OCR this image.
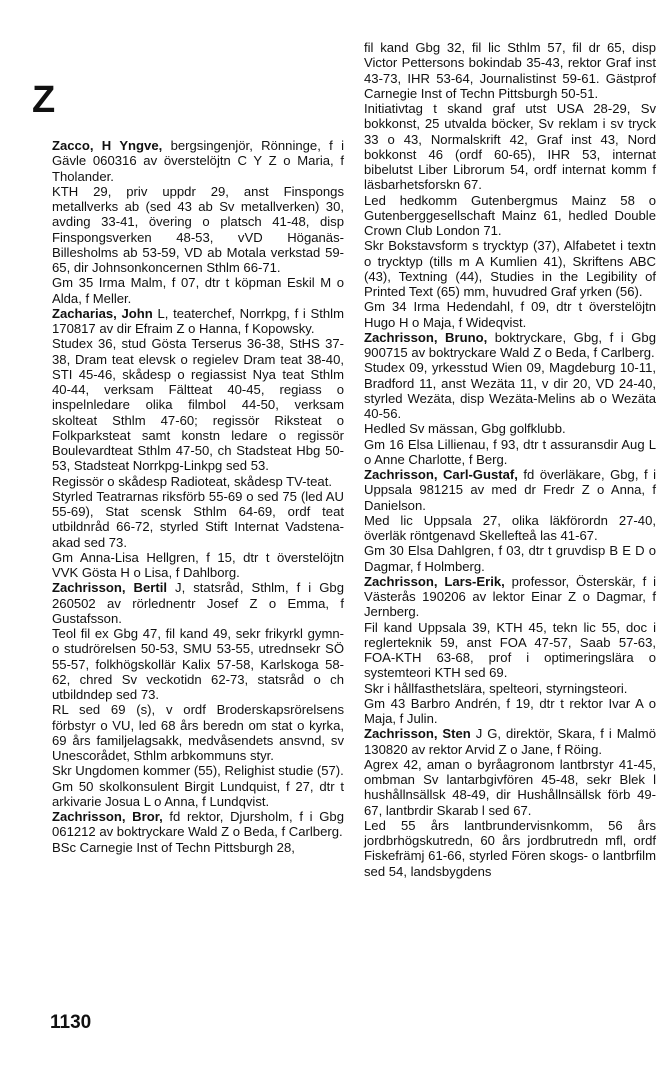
Z

Zacco, H Yngve, bergsingenjör, Rönninge, f i Gävle 060316 av överstelöjtn C Y Z o Maria, f Tholander.

KTH 29, priv uppdr 29, anst Finspongs metallverks ab (sed 43 ab Sv metallverken) 30, avding 33-41, övering o platsch 41-48, disp Finspongsverken 48-53, vVD Höganäs-Billesholms ab 53-59, VD ab Motala verkstad 59-65, dir Johnsonkoncernen Sthlm 66-71.

Gm 35 Irma Malm, f 07, dtr t köpman Eskil M o Alda, f Meller.

Zacharias, John L, teaterchef, Norrkpg, f i Sthlm 170817 av dir Efraim Z o Hanna, f Kopowsky.

Studex 36, stud Gösta Terserus 36-38, StHS 37-38, Dram teat elevsk o regielev Dram teat 38-40, STI 45-46, skådesp o regiassist Nya teat Sthlm 40-44, verksam Fältteat 40-45, regiass o inspelnledare olika filmbol 44-50, verksam skolteat Sthlm 47-60; regissör Riksteat o Folkparksteat samt konstn ledare o regissör Boulevardteat Sthlm 47-50, ch Stadsteat Hbg 50-53, Stadsteat Norrkpg-Linkpg sed 53.

Regissör o skådesp Radioteat, skådesp TV-teat.

Styrled Teatrarnas riksförb 55-69 o sed 75 (led AU 55-69), Stat scensk Sthlm 64-69, ordf teat utbildnråd 66-72, styrled Stift Internat Vadstena-akad sed 73.

Gm Anna-Lisa Hellgren, f 15, dtr t överstelöjtn VVK Gösta H o Lisa, f Dahlborg.

Zachrisson, Bertil J, statsråd, Sthlm, f i Gbg 260502 av rörlednentr Josef Z o Emma, f Gustafsson.

Teol fil ex Gbg 47, fil kand 49, sekr frikyrkl gymn- o studrörelsen 50-53, SMU 53-55, utrednsekr SÖ 55-57, folkhögskollär Kalix 57-58, Karlskoga 58-62, chred Sv veckotidn 62-73, statsråd o ch utbildndep sed 73.

RL sed 69 (s), v ordf Broderskapsrörelsens förbstyr o VU, led 68 års beredn om stat o kyrka, 69 års familjelagsakk, medvåsendets ansvnd, sv Unescorådet, Sthlm arbkommuns styr.

Skr Ungdomen kommer (55), Relighist studie (57).

Gm 50 skolkonsulent Birgit Lundquist, f 27, dtr t arkivarie Josua L o Anna, f Lundqvist.

Zachrisson, Bror, fd rektor, Djursholm, f i Gbg 061212 av boktryckare Wald Z o Beda, f Carlberg.

BSc Carnegie Inst of Techn Pittsburgh 28,

fil kand Gbg 32, fil lic Sthlm 57, fil dr 65, disp Victor Pettersons bokindab 35-43, rektor Graf inst 43-73, IHR 53-64, Journalistinst 59-61. Gästprof Carnegie Inst of Techn Pittsburgh 50-51.

Initiativtag t skand graf utst USA 28-29, Sv bokkonst, 25 utvalda böcker, Sv reklam i sv tryck 33 o 43, Normalskrift 42, Graf inst 43, Nord bokkonst 46 (ordf 60-65), IHR 53, internat bibelutst Liber Librorum 54, ordf internat komm f läsbarhetsforskn 67.

Led hedkomm Gutenbergmus Mainz 58 o Gutenberggesellschaft Mainz 61, hedled Double Crown Club London 71.

Skr Bokstavsform s trycktyp (37), Alfabetet i textn o trycktyp (tills m A Kumlien 41), Skriftens ABC (43), Textning (44), Studies in the Legibility of Printed Text (65) mm, huvudred Graf yrken (56).

Gm 34 Irma Hedendahl, f 09, dtr t överstelöjtn Hugo H o Maja, f Wideqvist.

Zachrisson, Bruno, boktryckare, Gbg, f i Gbg 900715 av boktryckare Wald Z o Beda, f Carlberg.

Studex 09, yrkesstud Wien 09, Magdeburg 10-11, Bradford 11, anst Wezäta 11, v dir 20, VD 24-40, styrled Wezäta, disp Wezäta-Melins ab o Wezäta 40-56.

Hedled Sv mässan, Gbg golfklubb.

Gm 16 Elsa Lillienau, f 93, dtr t assuransdir Aug L o Anne Charlotte, f Berg.

Zachrisson, Carl-Gustaf, fd överläkare, Gbg, f i Uppsala 981215 av med dr Fredr Z o Anna, f Danielson.

Med lic Uppsala 27, olika läkförordn 27-40, överläk röntgenavd Skellefteå las 41-67.

Gm 30 Elsa Dahlgren, f 03, dtr t gruvdisp B E D o Dagmar, f Holmberg.

Zachrisson, Lars-Erik, professor, Österskär, f i Västerås 190206 av lektor Einar Z o Dagmar, f Jernberg.

Fil kand Uppsala 39, KTH 45, tekn lic 55, doc i reglerteknik 59, anst FOA 47-57, Saab 57-63, FOA-KTH 63-68, prof i optimeringslära o systemteori KTH sed 69.

Skr i hållfasthetslära, spelteori, styrningsteori.

Gm 43 Barbro Andrén, f 19, dtr t rektor Ivar A o Maja, f Julin.

Zachrisson, Sten J G, direktör, Skara, f i Malmö 130820 av rektor Arvid Z o Jane, f Röing.

Agrex 42, aman o byråagronom lantbrstyr 41-45, ombman Sv lantarbgivfören 45-48, sekr Blek l hushållnsällsk 48-49, dir Hushållnsällsk förb 49-67, lantbrdir Skarab l sed 67.

Led 55 års lantbrundervisnkomm, 56 års jordbrhögskutredn, 60 års jordbrutredn mfl, ordf Fiskefrämj 61-66, styrled Fören skogs- o lantbrfilm sed 54, landsbygdens

1130
